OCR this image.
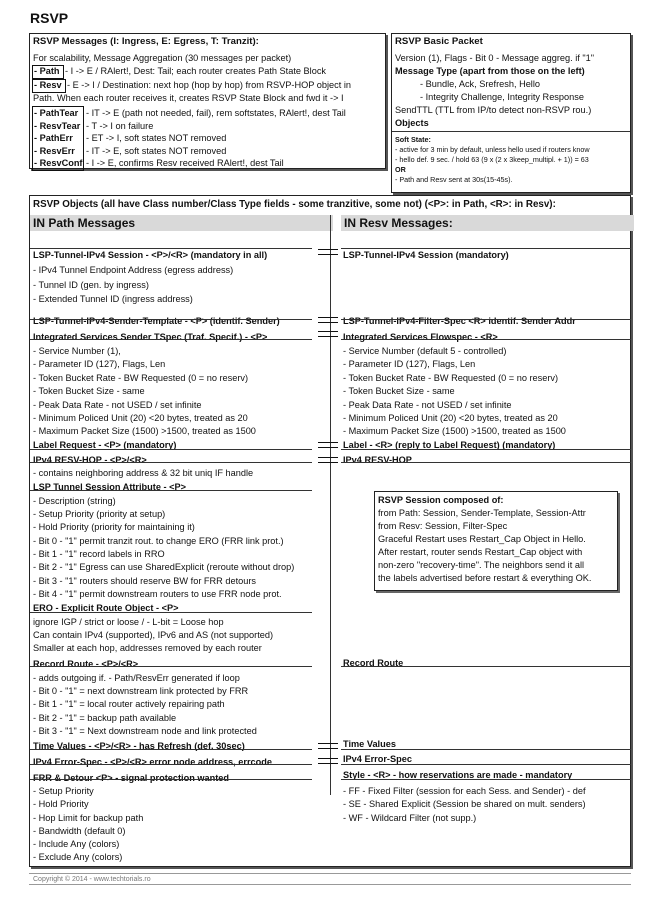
RSVP
RSVP Messages (I: Ingress, E: Egress, T: Tranzit):
For scalability, Message Aggregation (30 messages per packet)
- Path - I -> E / RAlert!, Dest: Tail; each router creates Path State Block
- Resv - E -> I / Destination: next hop (hop by hop) from RSVP-HOP object in
Path. When each router receives it, creates RSVP State Block and fwd it -> I
- PathTear - IT -> E (path not needed, fail), rem softstates, RAlert!, dest Tail
- ResvTear - T -> I on failure
- PathErr - ET -> I, soft states NOT removed
- ResvErr - IT -> E, soft states NOT removed
- ResvConf - I -> E, confirms Resv received RAlert!, dest Tail
RSVP Basic Packet
Version (1), Flags - Bit 0 - Message aggreg. if "1"
Message Type (apart from those on the left)
- Bundle, Ack, Srefresh, Hello
- Integrity Challenge, Integrity Response
SendTTL (TTL from IP/to detect non-RSVP rou.)
Objects
Soft State:
- active for 3 min by default, unless hello used if routers know
- hello def. 9 sec. / hold 63 (9 x (2 x 3keep_multipl. + 1)) = 63
OR
- Path and Resv sent at 30s(15-45s).
RSVP Objects (all have Class number/Class Type fields - some tranzitive, some not) (<P>: in Path, <R>: in Resv):
IN Path Messages	IN Resv Messages:
LSP-Tunnel-IPv4 Session - <P>/<R> (mandatory in all)
- IPv4 Tunnel Endpoint Address (egress address)
- Tunnel ID (gen. by ingress)
- Extended Tunnel ID (ingress address)
LSP-Tunnel-IPv4-Sender-Template - <P> (identif. Sender)
Integrated Services Sender TSpec (Traf. Specif.) - <P>
- Service Number (1),
- Parameter ID (127), Flags, Len
- Token Bucket Rate - BW Requested (0 = no reserv)
- Token Bucket Size - same
- Peak Data Rate - not USED / set infinite
- Minimum Policed Unit (20) <20 bytes, treated as 20
- Maximum Packet Size (1500) >1500, treated as 1500
Label Request - <P> (mandatory)
IPv4 RESV-HOP - <P>/<R>
- contains neighboring address & 32 bit uniq IF handle
LSP Tunnel Session Attribute - <P>
- Description (string)
- Setup Priority (priority at setup)
- Hold Priority (priority for maintaining it)
- Bit 0 - "1" permit tranzit rout. to change ERO (FRR link prot.)
- Bit 1 - "1" record labels in RRO
- Bit 2 - "1" Egress can use SharedExplicit (reroute without drop)
- Bit 3 - "1" routers should reserve BW for FRR detours
- Bit 4 - "1" permit downstream routers to use FRR node prot.
ERO - Explicit Route Object - <P>
ignore IGP / strict or loose / - L-bit = Loose hop
Can contain IPv4 (supported), IPv6 and AS (not supported)
Smaller at each hop, addresses removed by each router
Record Route - <P>/<R>
- adds outgoing if. - Path/ResvErr generated if loop
- Bit 0 - "1" = next downstream link protected by FRR
- Bit 1 - "1" = local router actively repairing path
- Bit 2 - "1" = backup path available
- Bit 3 - "1" = Next downstream node and link protected
Time Values - <P>/<R> - has Refresh (def. 30sec)
IPv4 Error-Spec - <P>/<R> error node address, errcode
FRR & Detour <P> - signal protection wanted
- Setup Priority
- Hold Priority
- Hop Limit for backup path
- Bandwidth (default 0)
- Include Any (colors)
- Exclude Any (colors)
LSP-Tunnel-IPv4 Session (mandatory)
LSP-Tunnel-IPv4-Filter-Spec <R> identif. Sender Addr
Integrated Services Flowspec - <R>
- Service Number (default 5 - controlled)
- Parameter ID (127), Flags, Len
- Token Bucket Rate - BW Requested (0 = no reserv)
- Token Bucket Size - same
- Peak Data Rate - not USED / set infinite
- Minimum Policed Unit (20) <20 bytes, treated as 20
- Maximum Packet Size (1500) >1500, treated as 1500
Label - <R> (reply to Label Request) (mandatory)
IPv4 RESV-HOP
Record Route
Time Values
IPv4 Error-Spec
Style - <R> - how reservations are made - mandatory
- FF - Fixed Filter (session for each Sess. and Sender) - def
- SE - Shared Explicit (Session be shared on mult. senders)
- WF - Wildcard Filter (not supp.)
RSVP Session composed of:
from Path: Session, Sender-Template, Session-Attr
from Resv: Session, Filter-Spec
Graceful Restart uses Restart_Cap Object in Hello.
After restart, router sends Restart_Cap object with
non-zero "recovery-time". The neighbors send it all
the labels advertised before restart & everything OK.
Copyright © 2014 - www.techtorials.ro
